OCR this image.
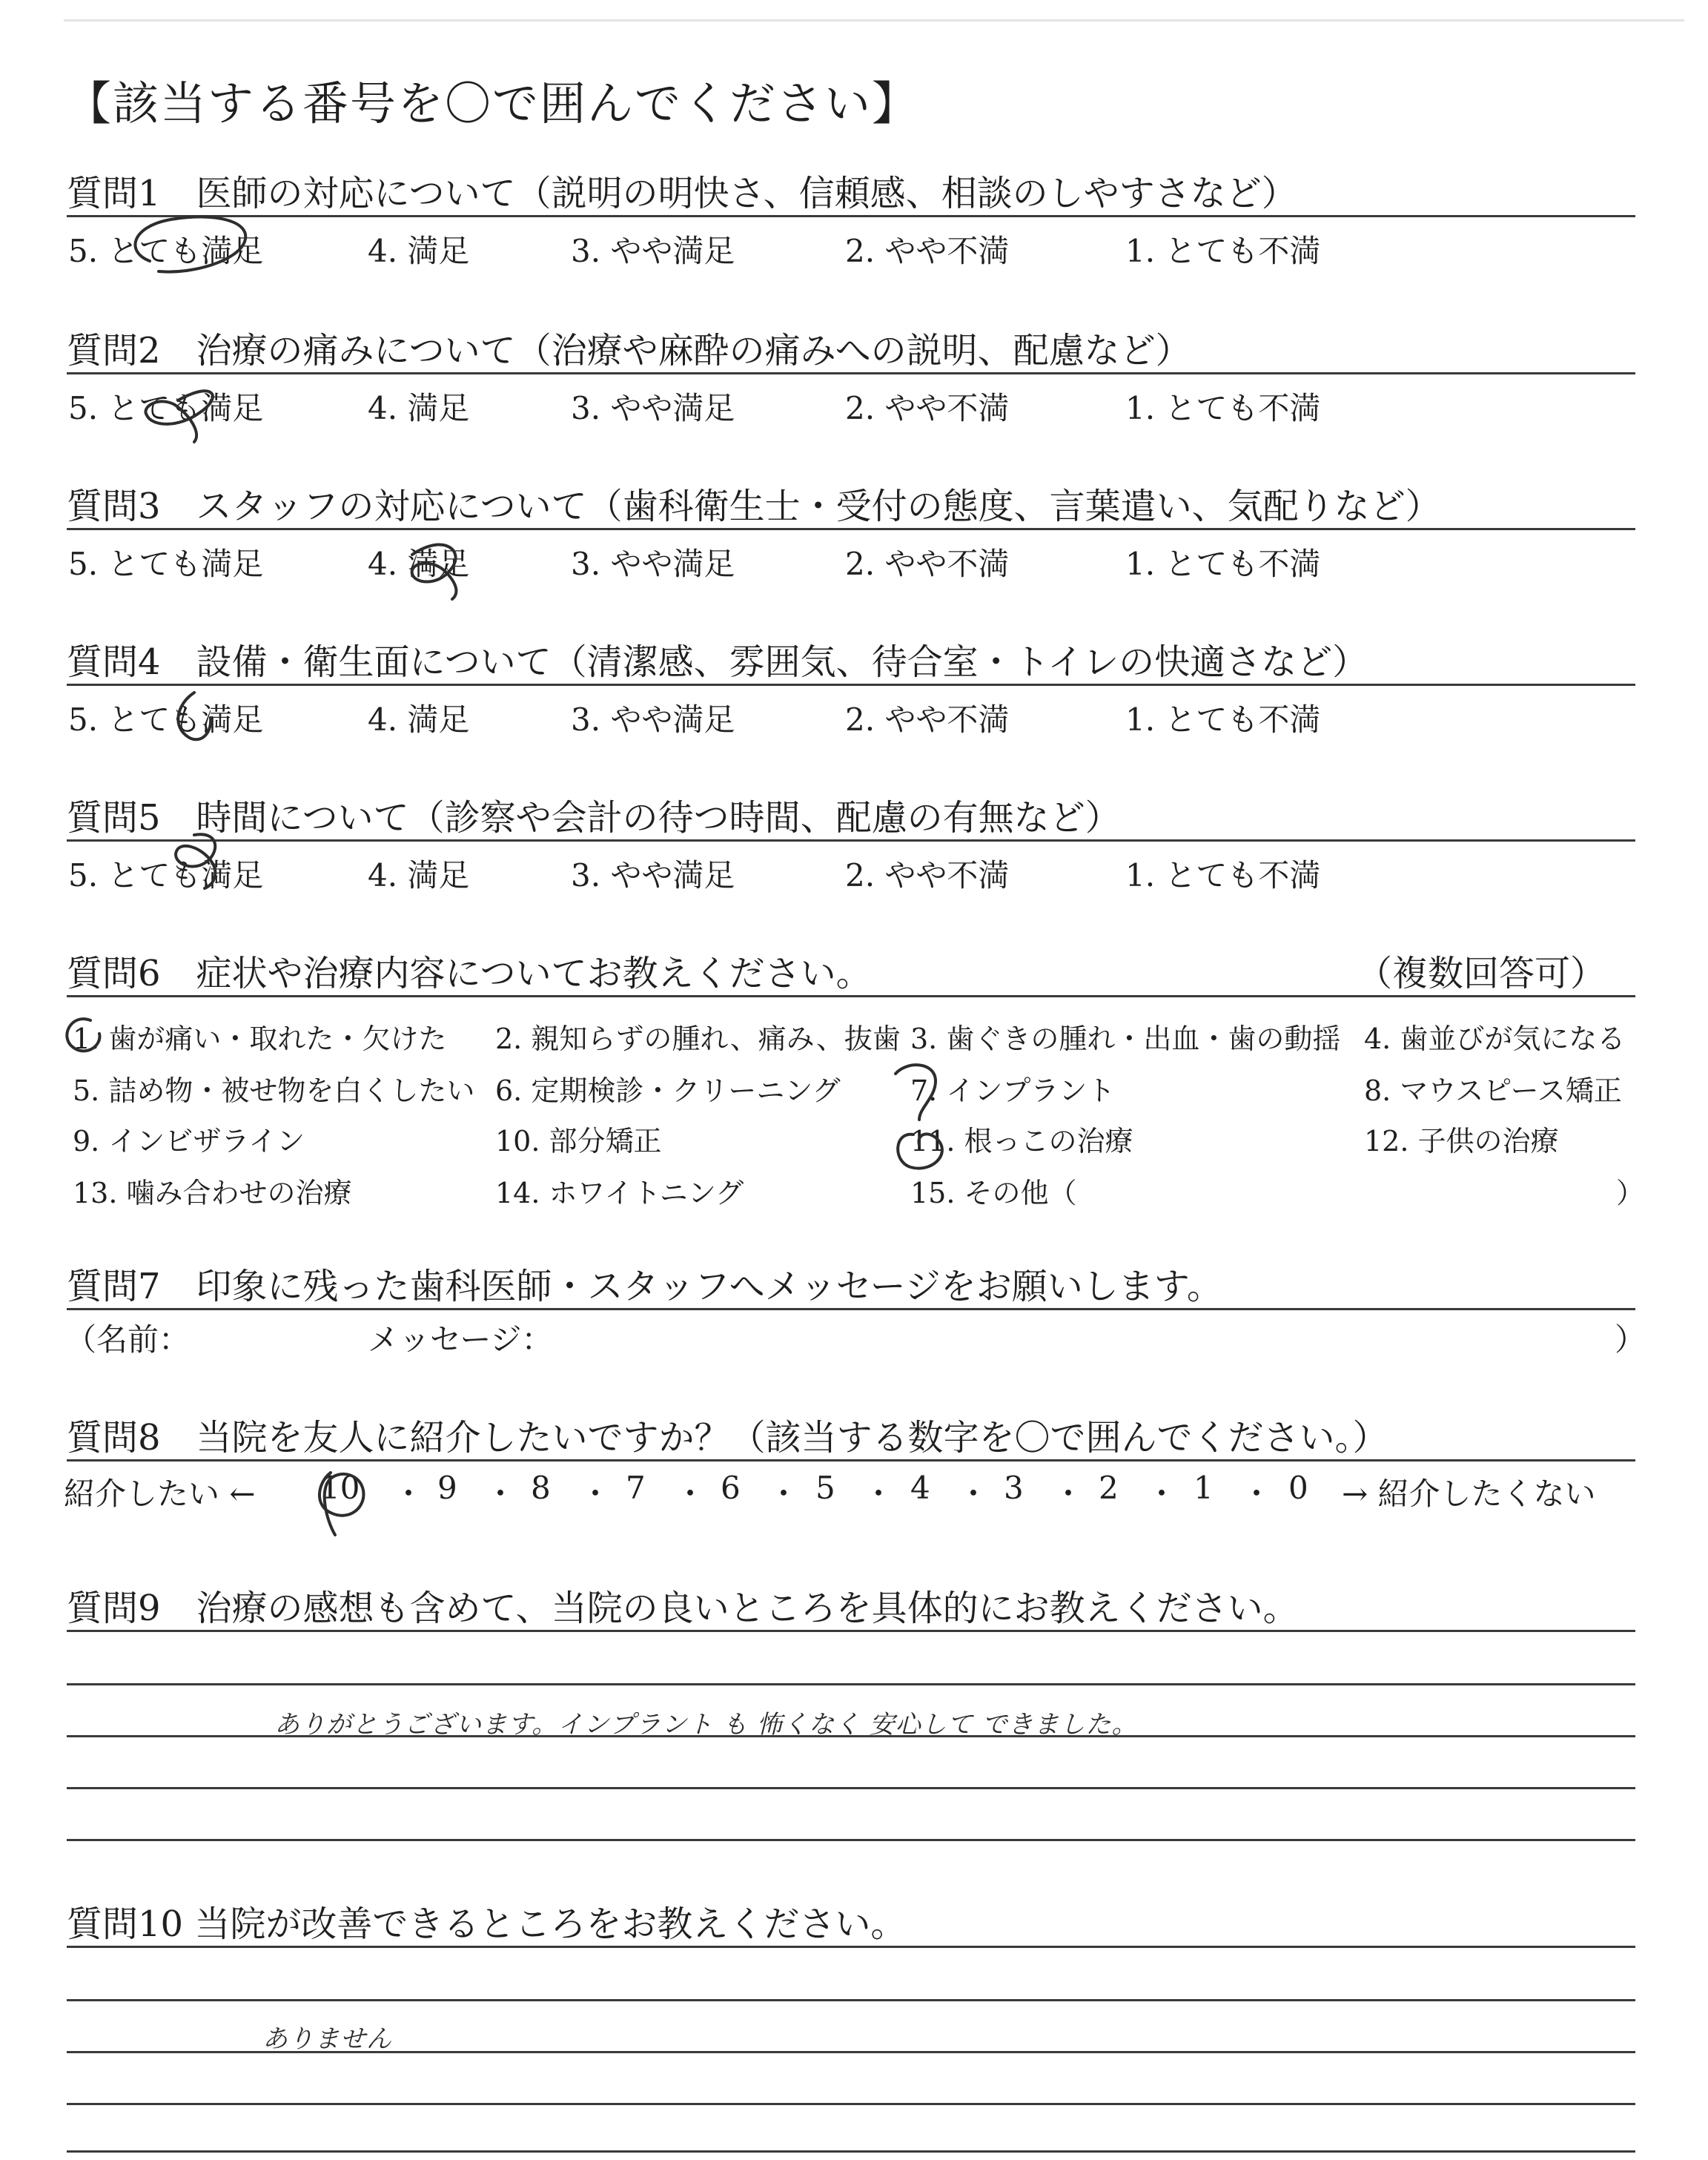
【該当する番号を〇で囲んでください】
質問1　医師の対応について（説明の明快さ、信頼感、相談のしやすさなど）
5. とても満足	4. 満足	3. やや満足	2. やや不満	1. とても不満
質問2　治療の痛みについて（治療や麻酔の痛みへの説明、配慮など）
5. とても満足	4. 満足	3. やや満足	2. やや不満	1. とても不満
質問3　スタッフの対応について（歯科衛生士・受付の態度、言葉遣い、気配りなど）
5. とても満足	4. 満足	3. やや満足	2. やや不満	1. とても不満
質問4　設備・衛生面について（清潔感、雰囲気、待合室・トイレの快適さなど）
5. とても満足	4. 満足	3. やや満足	2. やや不満	1. とても不満
質問5　時間について（診察や会計の待つ時間、配慮の有無など）
5. とても満足	4. 満足	3. やや満足	2. やや不満	1. とても不満
質問6　症状や治療内容についてお教えください。	（複数回答可）
1. 歯が痛い・取れた・欠けた 2. 親知らずの腫れ、痛み、抜歯 3. 歯ぐきの腫れ・出血・歯の動揺 4. 歯並びが気になる
5. 詰め物・被せ物を白くしたい 6. 定期検診・クリーニング 7. インプラント	8. マウスピース矯正
9. インビザライン	10. 部分矯正	11. 根っこの治療	12. 子供の治療
13. 噛み合わせの治療	14. ホワイトニング	15. その他（	）
質問7　印象に残った歯科医師・スタッフへメッセージをお願いします。
（名前：	メッセージ：	）
質問8　当院を友人に紹介したいですか？（該当する数字を〇で囲んでください。）
紹介したい ← 10 ・ 9 ・ 8 ・ 7 ・ 6 ・ 5 ・ 4 ・ 3 ・ 2 ・ 1 ・ 0 → 紹介したくない
質問9　治療の感想も含めて、当院の良いところを具体的にお教えください。
ありがとうございます。インプラント も 怖くなく 安心して できました。
質問10 当院が改善できるところをお教えください。
ありません
